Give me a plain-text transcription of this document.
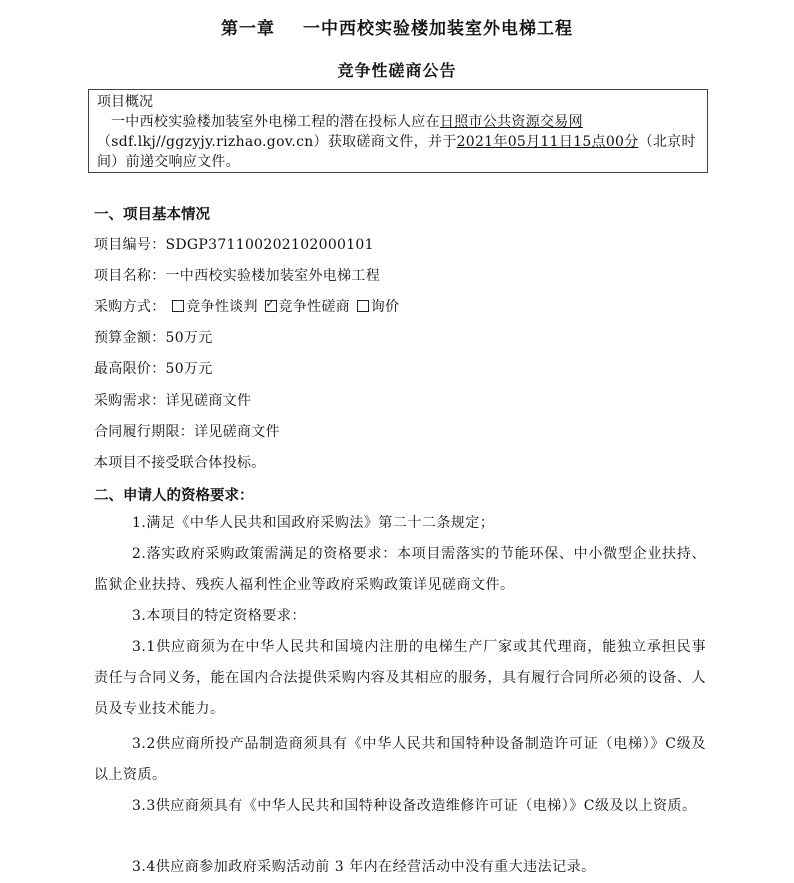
第一章 一中西校实验楼加装室外电梯工程
竞争性磋商公告
项目概况
一中西校实验楼加装室外电梯工程的潜在投标人应在日照市公共资源交易网（sdf.lkj//ggzyjy.rizhao.gov.cn）获取磋商文件，并于2021年05月11日15点00分（北京时间）前递交响应文件。
一、项目基本情况
项目编号：SDGP371100202102000101
项目名称：一中西校实验楼加装室外电梯工程
采购方式： 竞争性谈判 ✓ 竞争性磋商 询价
预算金额：50万元
最高限价：50万元
采购需求：详见磋商文件
合同履行期限：详见磋商文件
本项目不接受联合体投标。
二、申请人的资格要求：
1.满足《中华人民共和国政府采购法》第二十二条规定；
2.落实政府采购政策需满足的资格要求：本项目需落实的节能环保、中小微型企业扶持、监狱企业扶持、残疾人福利性企业等政府采购政策详见磋商文件。
3.本项目的特定资格要求：
3.1供应商须为在中华人民共和国境内注册的电梯生产厂家或其代理商，能独立承担民事责任与合同义务，能在国内合法提供采购内容及其相应的服务，具有履行合同所必须的设备、人员及专业技术能力。
3.2供应商所投产品制造商须具有《中华人民共和国特种设备制造许可证（电梯）》C级及以上资质。
3.3供应商须具有《中华人民共和国特种设备改造维修许可证（电梯）》C级及以上资质。
3.4供应商参加政府采购活动前 3 年内在经营活动中没有重大违法记录。
